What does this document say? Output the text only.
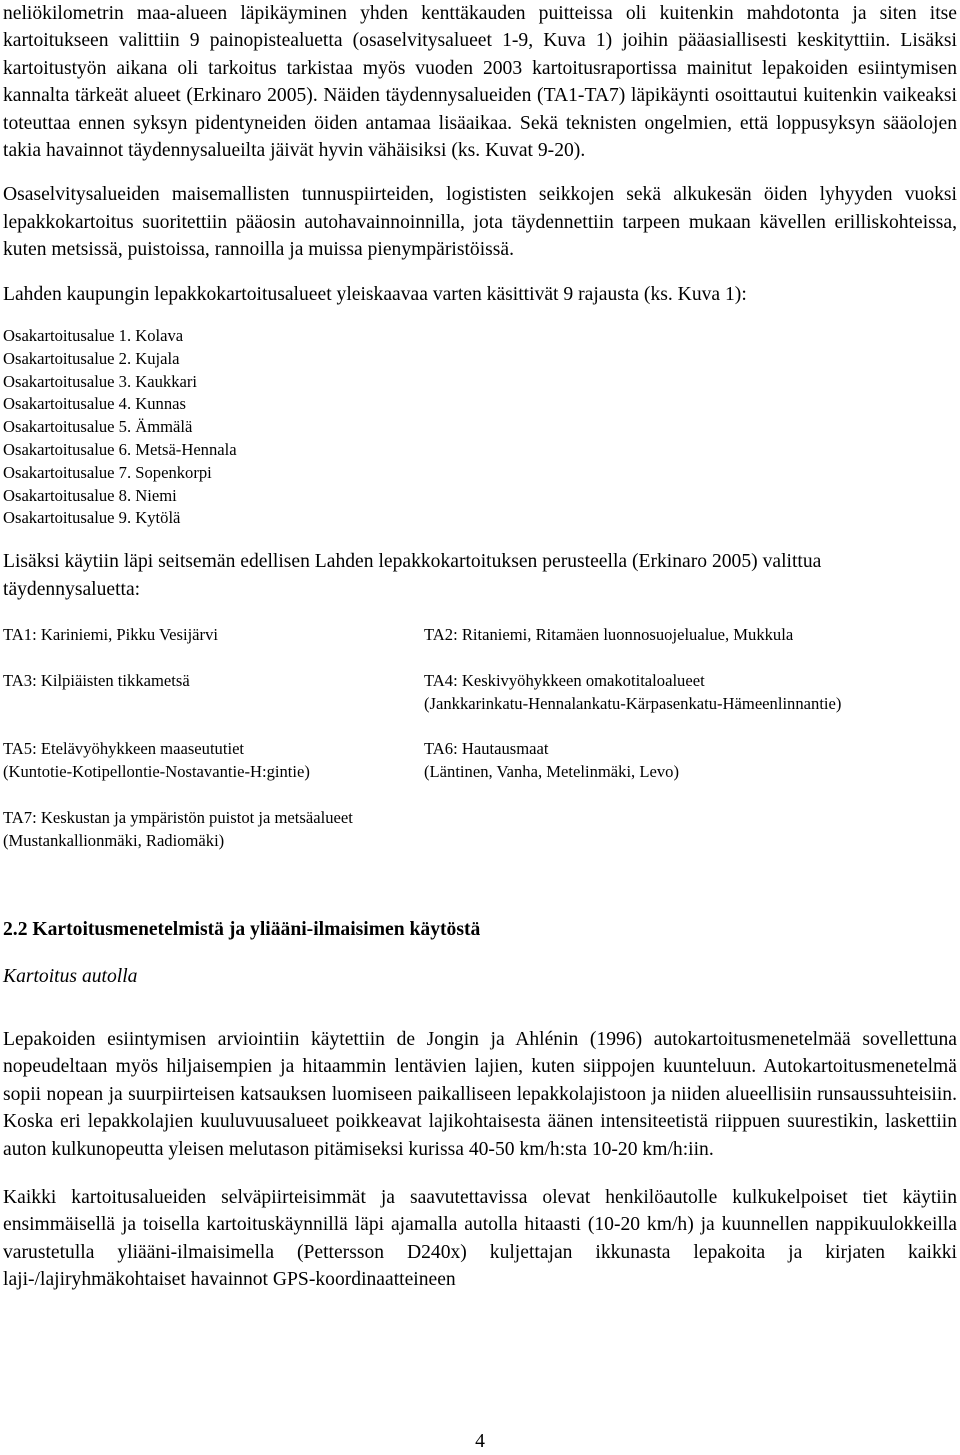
neliökilometrin maa-alueen läpikäyminen yhden kenttäkauden puitteissa oli kuitenkin mahdotonta ja siten itse kartoitukseen valittiin 9 painopistealuetta (osaselvitysalueet 1-9, Kuva 1) joihin pääasiallisesti keskityttiin. Lisäksi kartoitustyön aikana oli tarkoitus tarkistaa myös vuoden 2003 kartoitusraportissa mainitut lepakoiden esiintymisen kannalta tärkeät alueet (Erkinaro 2005). Näiden täydennysalueiden (TA1-TA7) läpikäynti osoittautui kuitenkin vaikeaksi toteuttaa ennen syksyn pidentyneiden öiden antamaa lisäaikaa. Sekä teknisten ongelmien, että loppusyksyn sääolojen takia havainnot täydennysalueilta jäivät hyvin vähäisiksi (ks. Kuvat 9-20).

Osaselvitysalueiden maisemallisten tunnuspiirteiden, logististen seikkojen sekä alkukesän öiden lyhyyden vuoksi lepakkokartoitus suoritettiin pääosin autohavainnoinnilla, jota täydennettiin tarpeen mukaan kävellen erilliskohteissa, kuten metsissä, puistoissa, rannoilla ja muissa pienympäristöissä.

Lahden kaupungin lepakkokartoitusalueet yleiskaavaa varten käsittivät 9 rajausta (ks. Kuva 1):

Osakartoitusalue 1. Kolava
Osakartoitusalue 2. Kujala
Osakartoitusalue 3. Kaukkari
Osakartoitusalue 4. Kunnas
Osakartoitusalue 5. Ämmälä
Osakartoitusalue 6. Metsä-Hennala
Osakartoitusalue 7. Sopenkorpi
Osakartoitusalue 8. Niemi
Osakartoitusalue 9. Kytölä

Lisäksi käytiin läpi seitsemän edellisen Lahden lepakkokartoituksen perusteella (Erkinaro 2005) valittua täydennysaluetta:

TA1: Kariniemi, Pikku Vesijärvi	TA2: Ritaniemi, Ritamäen luonnosuojelualue, Mukkula
TA3: Kilpiäisten tikkametsä	TA4: Keskivyöhykkeen omakotitaloalueet
(Jankkarinkatu-Hennalankatu-Kärpasenkatu-Hämeenlinnantie)
TA5: Etelävyöhykkeen maaseututiet
(Kuntotie-Kotipellontie-Nostavantie-H:gintie)
TA6: Hautausmaat
(Läntinen, Vanha, Metelinmäki, Levo)
TA7: Keskustan ja ympäristön puistot ja metsäalueet
(Mustankallionmäki, Radiomäki)
2.2 Kartoitusmenetelmistä ja yliääni-ilmaisimen käytöstä
Kartoitus autolla

Lepakoiden esiintymisen arviointiin käytettiin de Jongin ja Ahlénin (1996) autokartoitusmenetelmää sovellettuna nopeudeltaan myös hiljaisempien ja hitaammin lentävien lajien, kuten siippojen kuunteluun. Autokartoitusmenetelmä sopii nopean ja suurpiirteisen katsauksen luomiseen paikalliseen lepakkolajistoon ja niiden alueellisiin runsaussuhteisiin. Koska eri lepakkolajien kuuluvuusalueet poikkeavat lajikohtaisesta äänen intensiteetistä riippuen suurestikin, laskettiin auton kulkunopeutta yleisen melutason pitämiseksi kurissa 40-50 km/h:sta 10-20 km/h:iin.

Kaikki kartoitusalueiden selväpiirteisimmät ja saavutettavissa olevat henkilöautolle kulkukelpoiset tiet käytiin ensimmäisellä ja toisella kartoituskäynnillä läpi ajamalla autolla hitaasti (10-20 km/h) ja kuunnellen nappikuulokkeilla varustetulla yliääni-ilmaisimella (Pettersson D240x) kuljettajan ikkunasta lepakoita ja kirjaten kaikki laji-/lajiryhmäkohtaiset havainnot GPS-koordinaatteineen

4
